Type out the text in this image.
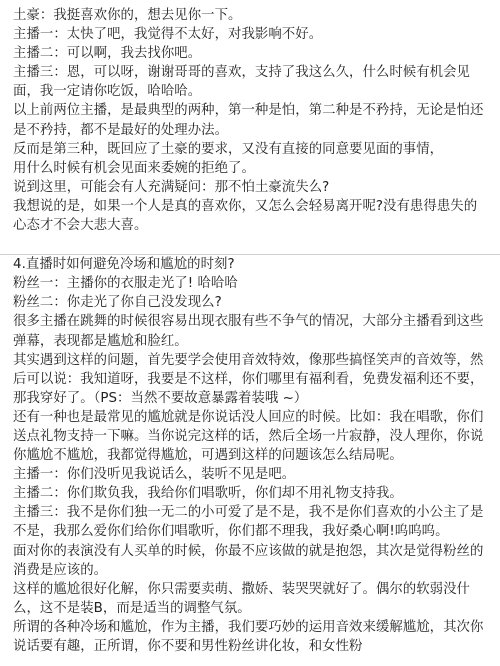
土豪：我挺喜欢你的，想去见你一下。

主播一：太快了吧，我觉得不太好，对我影响不好。

主播二：可以啊，我去找你吧。

主播三：恩，可以呀，谢谢哥哥的喜欢，支持了我这么久，什么时候有机会见面，我一定请你吃饭，哈哈哈。

以上前两位主播，是最典型的两种，第一种是怕，第二种是不矜持，无论是怕还是不矜持，都不是最好的处理办法。

反而是第三种，既回应了土豪的要求，又没有直接的同意要见面的事情，

用什么时候有机会见面来委婉的拒绝了。

说到这里，可能会有人充满疑问：那不怕土豪流失么?

我想说的是，如果一个人是真的喜欢你，又怎么会轻易离开呢?没有患得患失的心态才不会大悲大喜。

4.直播时如何避免冷场和尴尬的时刻?

粉丝一：主播你的衣服走光了! 哈哈哈

粉丝二：你走光了你自己没发现么?

很多主播在跳舞的时候很容易出现衣服有些不争气的情况，大部分主播看到这些弹幕，表现都是尴尬和脸红。

其实遇到这样的问题，首先要学会使用音效特效，像那些搞怪笑声的音效等，然后可以说：我知道呀，我要是不这样，你们哪里有福利看，免费发福利还不要，那我穿好了。（PS：当然不要故意暴露着装哦 ~）

还有一种也是最常见的尴尬就是你说话没人回应的时候。比如：我在唱歌，你们送点礼物支持一下嘛。当你说完这样的话，然后全场一片寂静，没人理你，你说你尴尬不尴尬，我都觉得尴尬，可遇到这样的问题该怎么结局呢。

主播一：你们没听见我说话么，装听不见是吧。

主播二：你们欺负我，我给你们唱歌听，你们却不用礼物支持我。

主播三：我不是你们独一无二的小可爱了是不是，我不是你们喜欢的小公主了是不是，我那么爱你们给你们唱歌听，你们都不理我，我好桑心啊!呜呜呜。

面对你的表演没有人买单的时候，你最不应该做的就是抱怨，其次是觉得粉丝的消费是应该的。

这样的尴尬很好化解，你只需要卖萌、撒娇、装哭哭就好了。偶尔的软弱没什么，这不是装B，而是适当的调整气氛。

所谓的各种冷场和尴尬，作为主播，我们要巧妙的运用音效来缓解尴尬，其次你说话要有趣，正所谓，你不要和男性粉丝讲化妆，和女性粉
